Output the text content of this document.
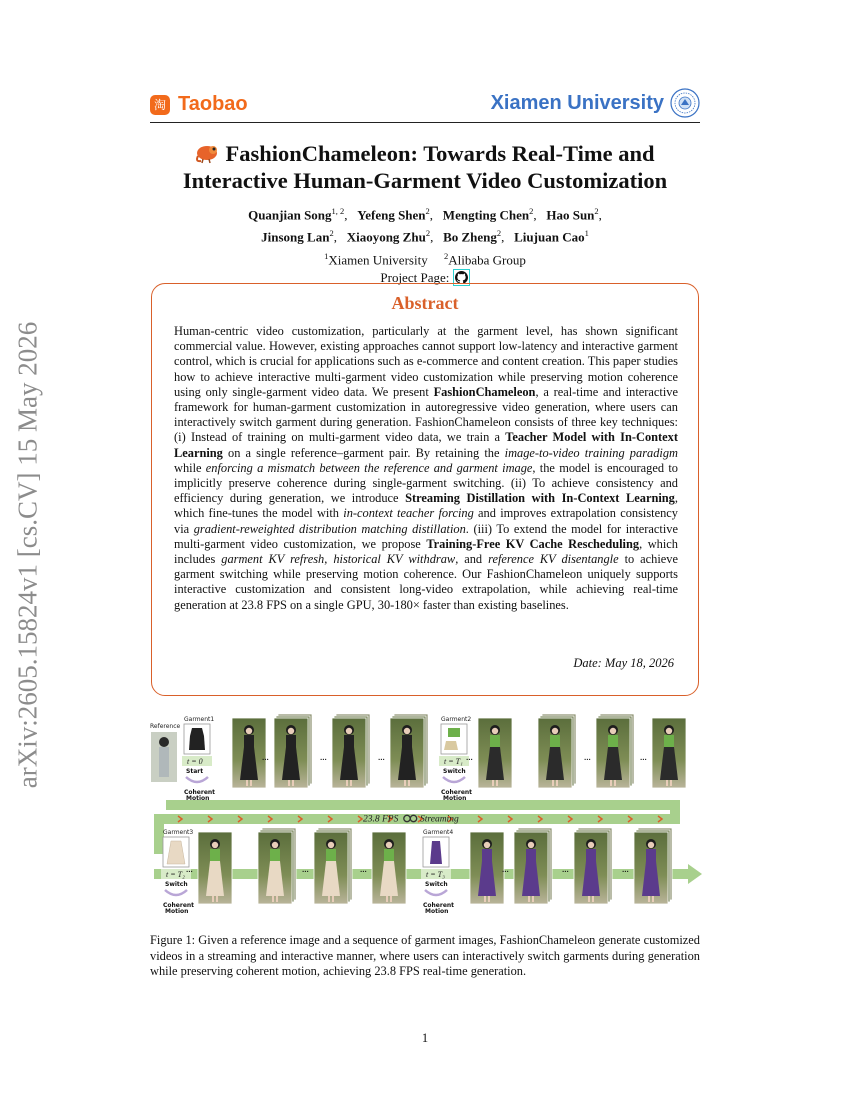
arXiv:2605.15824v1 [cs.CV] 15 May 2026
淘 Taobao	Xiamen University
FashionChameleon: Towards Real-Time and
Interactive Human-Garment Video Customization
Quanjian Song$^{1, 2}$,   Yefeng Shen$^2$,   Mengting Chen$^2$,   Hao Sun$^2$,
Jinsong Lan$^2$,   Xiaoyong Zhu$^2$,   Bo Zheng$^2$,   Liujuan Cao$^1$
$^1$Xiamen University $^2$Alibaba Group
Project Page:
Abstract
Human-centric video customization, particularly at the garment level, has shown significant commercial value. However, existing approaches cannot support low-latency and interactive garment control, which is crucial for applications such as e-commerce and content creation. This paper studies how to achieve interactive multi-garment video customization while preserving motion coherence using only single-garment video data. We present FashionChameleon, a real-time and interactive framework for human-garment customization in autoregressive video generation, where users can interactively switch garment during generation. FashionChameleon consists of three key techniques: (i) Instead of training on multi-garment video data, we train a Teacher Model with In-Context Learning on a single reference–garment pair. By retaining the image-to-video training paradigm while enforcing a mismatch between the reference and garment image, the model is encouraged to implicitly preserve coherence during single-garment switching. (ii) To achieve consistency and efficiency during generation, we introduce Streaming Distillation with In-Context Learning, which fine-tunes the model with in-context teacher forcing and improves extrapolation consistency via gradient-reweighted distribution matching distillation. (iii) To extend the model for interactive multi-garment video customization, we propose Training-Free KV Cache Rescheduling, which includes garment KV refresh, historical KV withdraw, and reference KV disentangle to achieve garment switching while preserving motion coherence. Our FashionChameleon uniquely supports interactive customization and consistent long-video extrapolation, while achieving real-time generation at 23.8 FPS on a single GPU, 30-180× faster than existing baselines.
Date: May 18, 2026
Reference
Garment1
t = 0
Start
Coherent
Motion
Garment2
t = T₁
Switch
Coherent
Motion
Garment3
t = T₂
Switch
Coherent
Motion
Garment4
t = T₃
Switch
Coherent
Motion
...	...	...	...	...	...
...	...	...	...	...	...
23.8 FPS Streaming
Figure 1: Given a reference image and a sequence of garment images, FashionChameleon generate customized videos in a streaming and interactive manner, where users can interactively switch garments during generation while preserving coherent motion, achieving 23.8 FPS real-time generation.
1
